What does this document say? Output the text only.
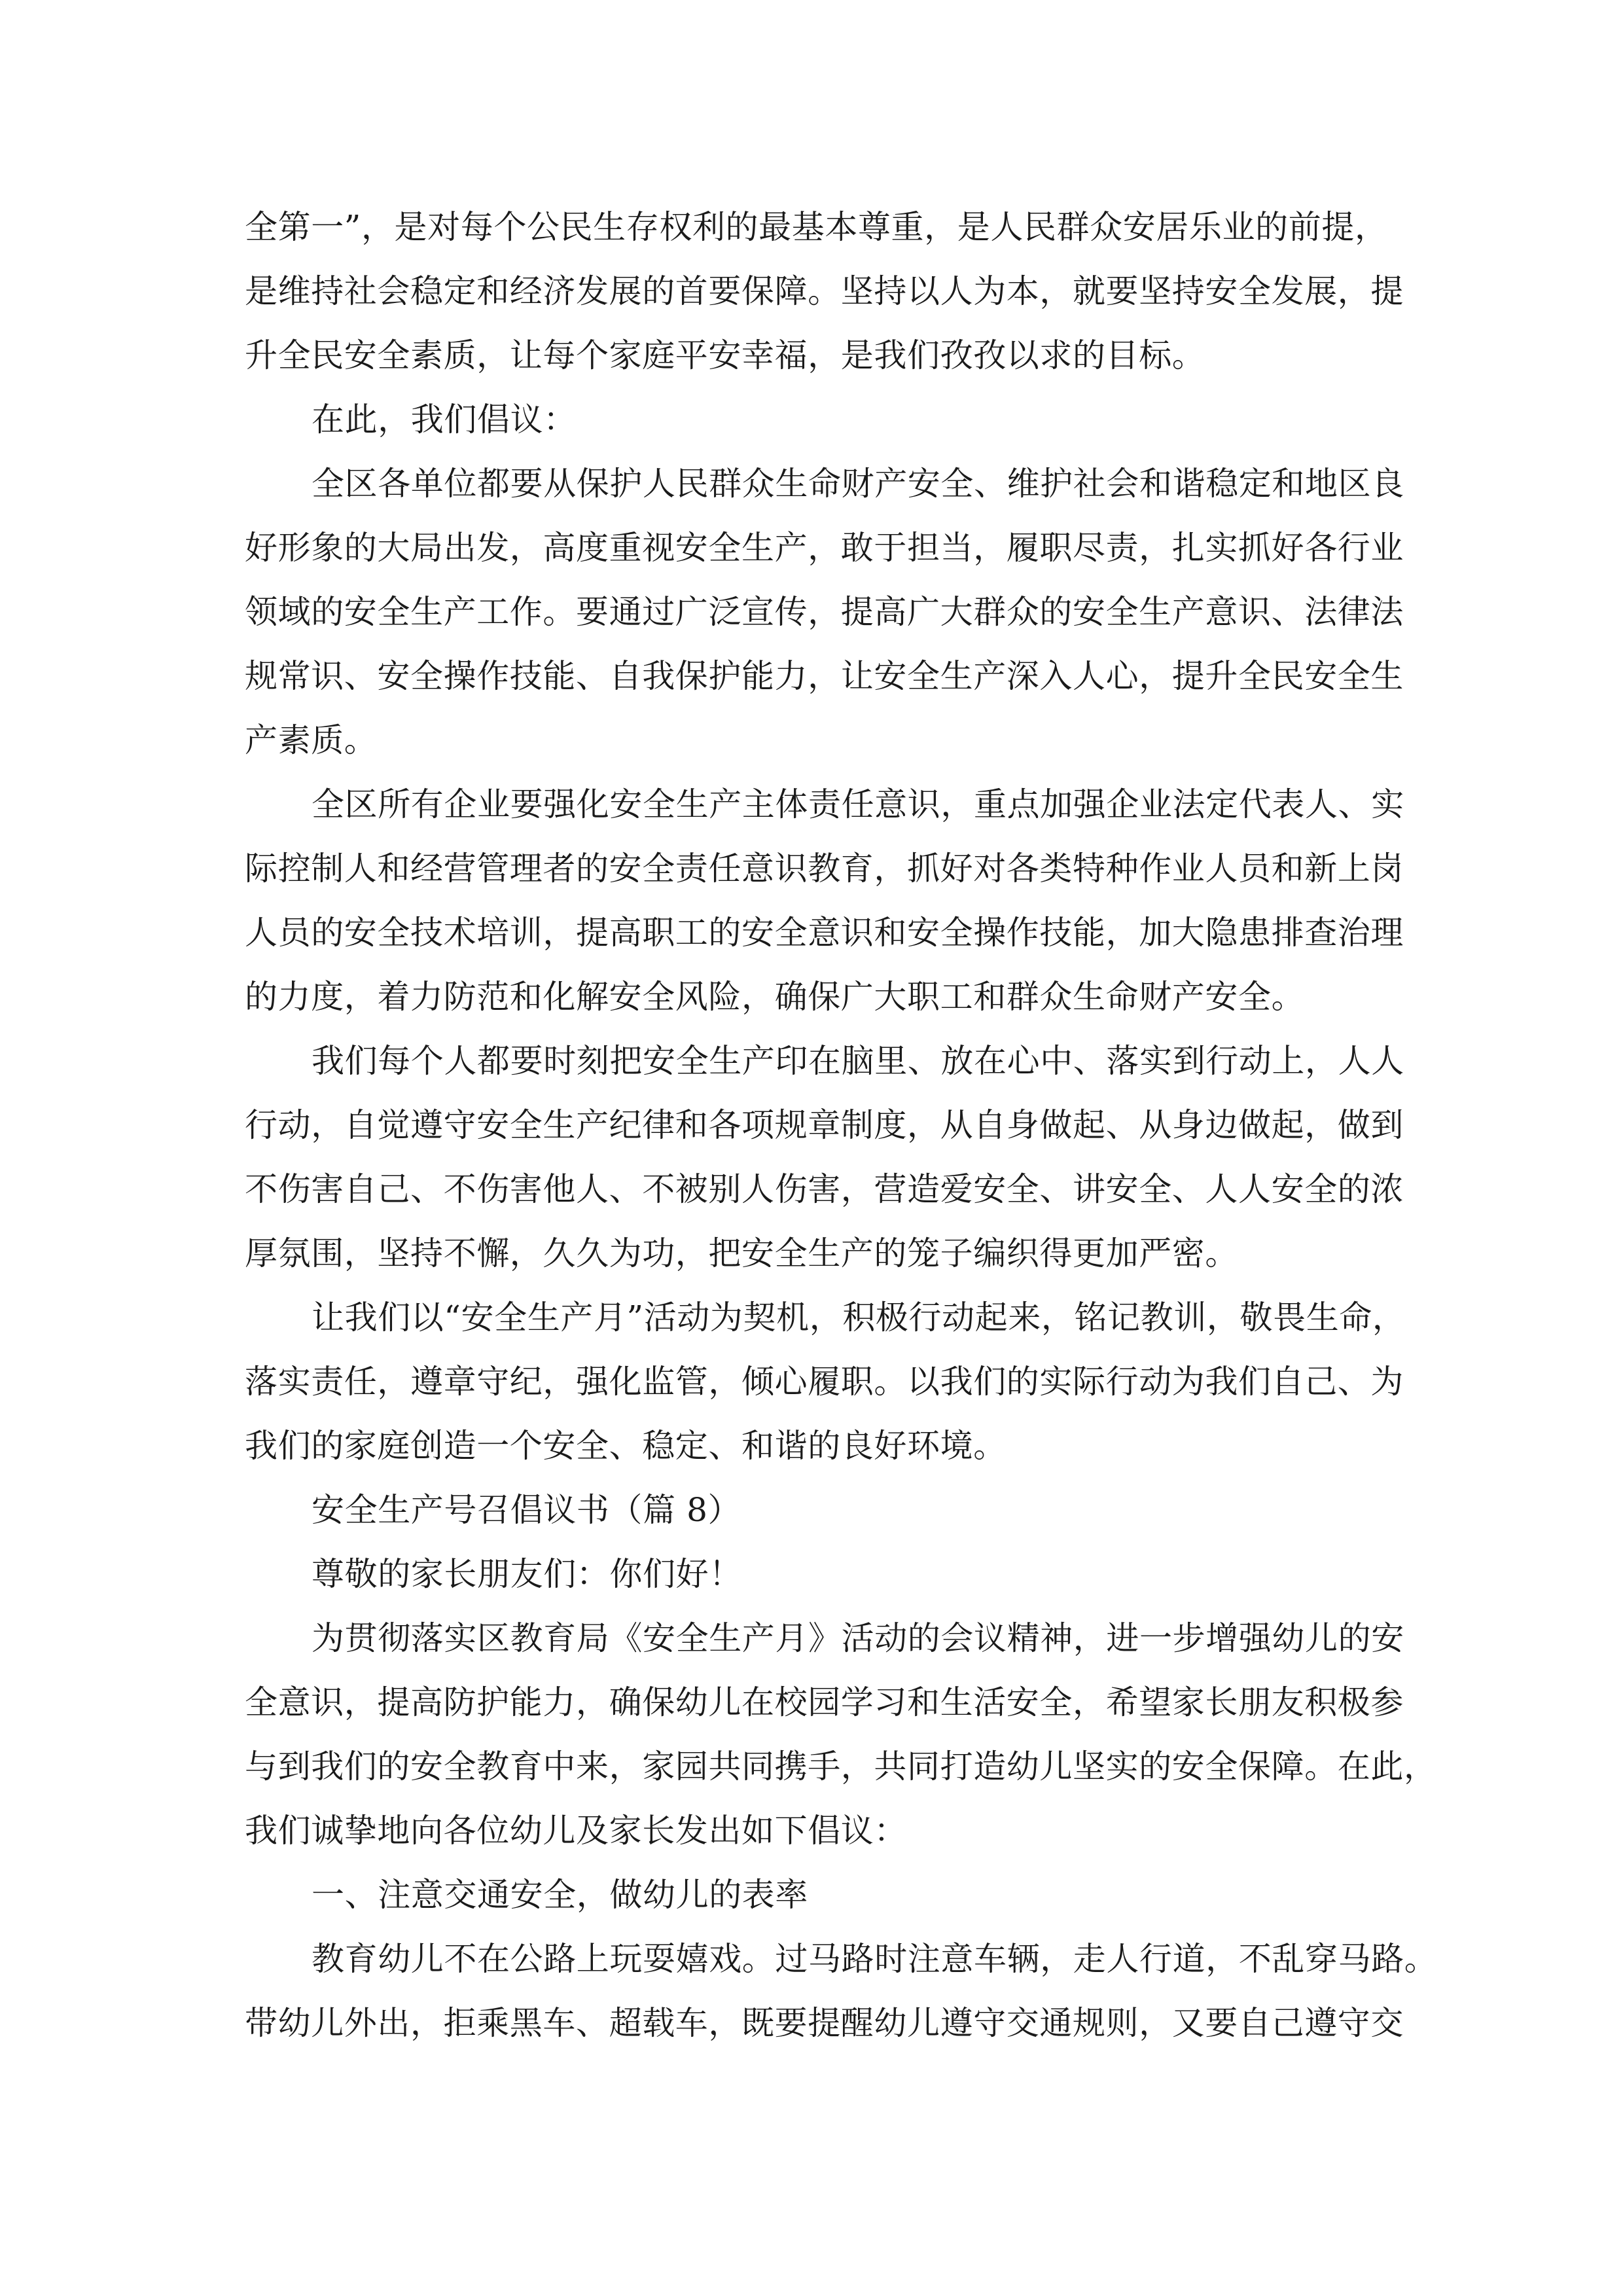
全第一”，是对每个公民生存权利的最基本尊重，是人民群众安居乐业的前提，
是维持社会稳定和经济发展的首要保障。坚持以人为本，就要坚持安全发展，提
升全民安全素质，让每个家庭平安幸福，是我们孜孜以求的目标。
在此，我们倡议：
全区各单位都要从保护人民群众生命财产安全、维护社会和谐稳定和地区良
好形象的大局出发，高度重视安全生产，敢于担当，履职尽责，扎实抓好各行业
领域的安全生产工作。要通过广泛宣传，提高广大群众的安全生产意识、法律法
规常识、安全操作技能、自我保护能力，让安全生产深入人心，提升全民安全生
产素质。
全区所有企业要强化安全生产主体责任意识，重点加强企业法定代表人、实
际控制人和经营管理者的安全责任意识教育，抓好对各类特种作业人员和新上岗
人员的安全技术培训，提高职工的安全意识和安全操作技能，加大隐患排查治理
的力度，着力防范和化解安全风险，确保广大职工和群众生命财产安全。
我们每个人都要时刻把安全生产印在脑里、放在心中、落实到行动上，人人
行动，自觉遵守安全生产纪律和各项规章制度，从自身做起、从身边做起，做到
不伤害自己、不伤害他人、不被别人伤害，营造爱安全、讲安全、人人安全的浓
厚氛围，坚持不懈，久久为功，把安全生产的笼子编织得更加严密。
让我们以“安全生产月”活动为契机，积极行动起来，铭记教训，敬畏生命，
落实责任，遵章守纪，强化监管，倾心履职。以我们的实际行动为我们自己、为
我们的家庭创造一个安全、稳定、和谐的良好环境。
安全生产号召倡议书（篇 8）
尊敬的家长朋友们：你们好！
为贯彻落实区教育局《安全生产月》活动的会议精神，进一步增强幼儿的安
全意识，提高防护能力，确保幼儿在校园学习和生活安全，希望家长朋友积极参
与到我们的安全教育中来，家园共同携手，共同打造幼儿坚实的安全保障。在此，
我们诚挚地向各位幼儿及家长发出如下倡议：
一、注意交通安全，做幼儿的表率
教育幼儿不在公路上玩耍嬉戏。过马路时注意车辆，走人行道，不乱穿马路。
带幼儿外出，拒乘黑车、超载车，既要提醒幼儿遵守交通规则，又要自己遵守交
